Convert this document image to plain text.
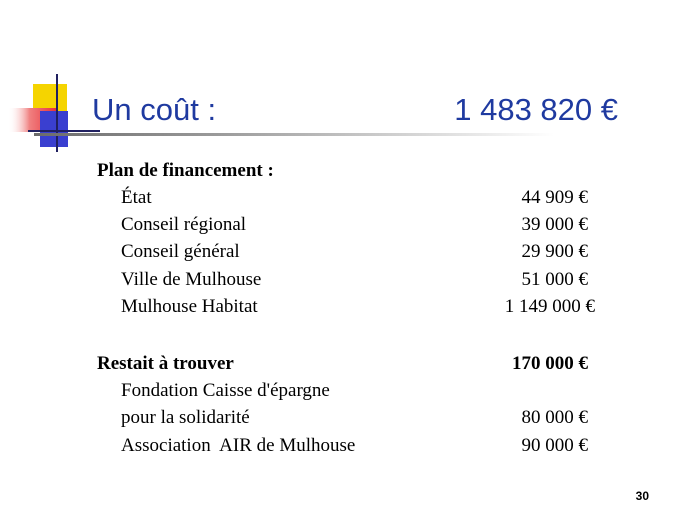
Un coût :	1 483 820 €
Plan de financement :
État	44 909 €
Conseil régional	39 000 €
Conseil général	29 900 €
Ville de Mulhouse	51 000 €
Mulhouse Habitat	1 149 000 €
Restait à trouver	170 000 €
Fondation Caisse d'épargne
pour la solidarité	80 000 €
Association  AIR de Mulhouse	90 000 €
30
